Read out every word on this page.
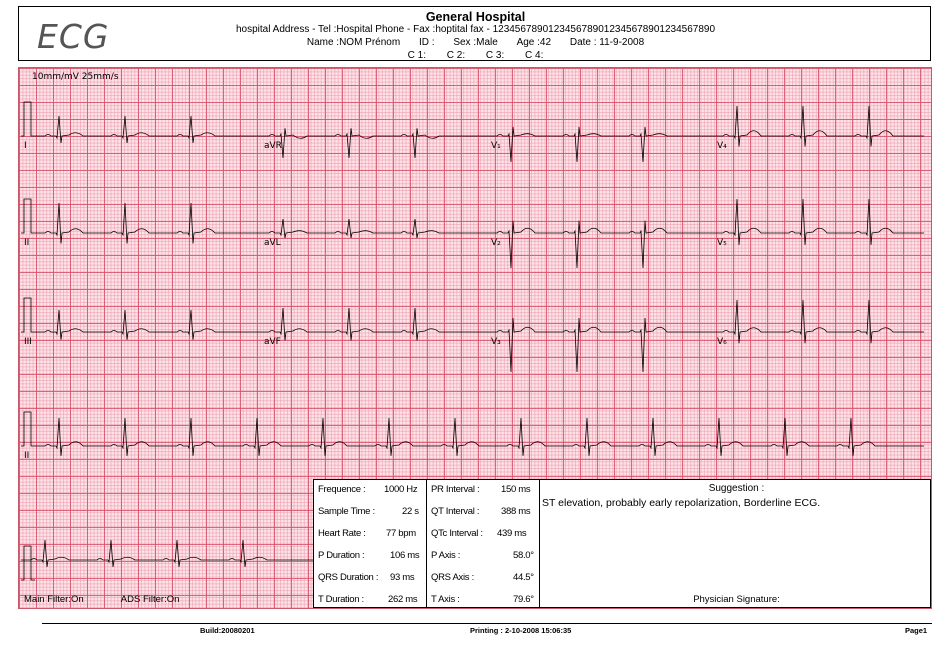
ECG	General Hospital
hospital Address - Tel :Hospital Phone - Fax :hoptital fax - 1234567890123456789012345678901234567890
Name :NOM Prénom ID : Sex :Male Age :42 Date : 11-9-2008
C 1: C 2: C 3: C 4:
I	aVR	V₁	V₄
II	aVL	V₂	V₅
III	aVF	V₃	V₆
II
10mm/mV 25mm/s
Frequence : 1000 Hz
Sample Time :	22 s
Heart Rate : 77 bpm
P Duration :	106 ms
QRS Duration : 93 ms
T Duration :	262 ms
PR Interval : 150 ms
QT Interval : 388 ms
QTc Interval : 439 ms
P Axis :	58.0°
QRS Axis :	44.5°
T Axis :	79.6°
Suggestion :
ST elevation, probably early repolarization, Borderline ECG.
Physician Signature:
Main Filter:On	ADS Filter:On
Build:20080201	Printing : 2-10-2008 15:06:35	Page1
